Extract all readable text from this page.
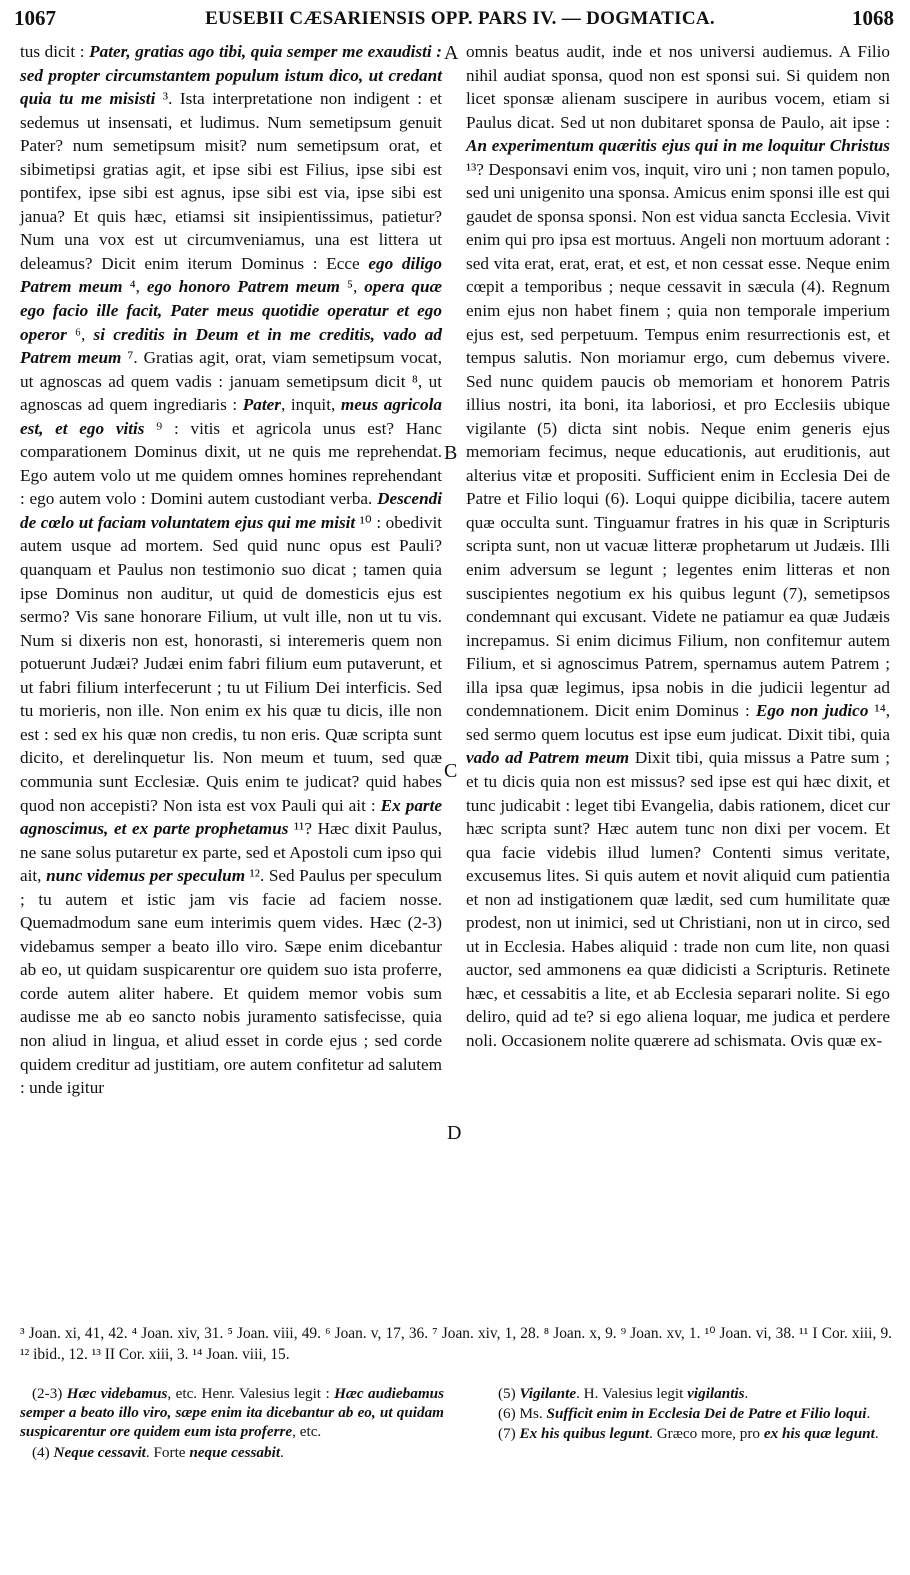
1067	EUSEBII CÆSARIENSIS OPP. PARS IV. — DOGMATICA.	1068

tus dicit : Pater, gratias ago tibi, quia semper me exaudisti : sed propter circumstantem populum istum dico, ut credant quia tu me misisti ³. Ista interpretatione non indigent : et sedemus ut insensati, et ludimus. Num semetipsum genuit Pater? num semetipsum misit? num semetipsum orat, et sibimetipsi gratias agit, et ipse sibi est Filius, ipse sibi est pontifex, ipse sibi est agnus, ipse sibi est via, ipse sibi est janua? Et quis hæc, etiamsi sit insipientissimus, patietur? Num una vox est ut circumveniamus, una est littera ut deleamus? Dicit enim iterum Dominus : Ecce ego diligo Patrem meum ⁴, ego honoro Patrem meum ⁵, opera quæ ego facio ille facit, Pater meus quotidie operatur et ego operor ⁶, si creditis in Deum et in me creditis, vado ad Patrem meum ⁷. Gratias agit, orat, viam semetipsum vocat, ut agnoscas ad quem vadis : januam semetipsum dicit ⁸, ut agnoscas ad quem ingrediaris : Pater, inquit, meus agricola est, et ego vitis ⁹ : vitis et agricola unus est? Hanc comparationem Dominus dixit, ut ne quis me reprehendat. Ego autem volo ut me quidem omnes homines reprehendant : ego autem volo : Domini autem custodiant verba. Descendi de cœlo ut faciam voluntatem ejus qui me misit ¹⁰ : obedivit autem usque ad mortem. Sed quid nunc opus est Pauli? quanquam et Paulus non testimonio suo dicat ; tamen quia ipse Dominus non auditur, ut quid de domesticis ejus est sermo? Vis sane honorare Filium, ut vult ille, non ut tu vis. Num si dixeris non est, honorasti, si interemeris quem non potuerunt Judæi? Judæi enim fabri filium eum putaverunt, et ut fabri filium interfecerunt ; tu ut Filium Dei interficis. Sed tu morieris, non ille. Non enim ex his quæ tu dicis, ille non est : sed ex his quæ non credis, tu non eris. Quæ scripta sunt dicito, et derelinquetur lis. Non meum et tuum, sed quæ communia sunt Ecclesiæ. Quis enim te judicat? quid habes quod non accepisti? Non ista est vox Pauli qui ait : Ex parte agnoscimus, et ex parte prophetamus ¹¹? Hæc dixit Paulus, ne sane solus putaretur ex parte, sed et Apostoli cum ipso qui ait, nunc videmus per speculum ¹². Sed Paulus per speculum ; tu autem et istic jam vis facie ad faciem nosse. Quemadmodum sane eum interimis quem vides. Hæc (2-3) videbamus semper a beato illo viro. Sæpe enim dicebantur ab eo, ut quidam suspicarentur ore quidem suo ista proferre, corde autem aliter habere. Et quidem memor vobis sum audisse me ab eo sancto nobis juramento satisfecisse, quia non aliud in lingua, et aliud esset in corde ejus ; sed corde quidem creditur ad justitiam, ore autem confitetur ad salutem : unde igitur

omnis beatus audit, inde et nos universi audiemus. A Filio nihil audiat sponsa, quod non est sponsi sui. Si quidem non licet sponsæ alienam suscipere in auribus vocem, etiam si Paulus dicat. Sed ut non dubitaret sponsa de Paulo, ait ipse : An experimentum quæritis ejus qui in me loquitur Christus ¹³? Desponsavi enim vos, inquit, viro uni ; non tamen populo, sed uni unigenito una sponsa. Amicus enim sponsi ille est qui gaudet de sponsa sponsi. Non est vidua sancta Ecclesia. Vivit enim qui pro ipsa est mortuus. Angeli non mortuum adorant : sed vita erat, erat, erat, et est, et non cessat esse. Neque enim cœpit a temporibus ; neque cessavit in sæcula (4). Regnum enim ejus non habet finem ; quia non temporale imperium ejus est, sed perpetuum. Tempus enim resurrectionis est, et tempus salutis. Non moriamur ergo, cum debemus vivere. Sed nunc quidem paucis ob memoriam et honorem Patris illius nostri, ita boni, ita laboriosi, et pro Ecclesiis ubique vigilante (5) dicta sint nobis. Neque enim generis ejus memoriam fecimus, neque educationis, aut eruditionis, aut alterius vitæ et propositi. Sufficient enim in Ecclesia Dei de Patre et Filio loqui (6). Loqui quippe dicibilia, tacere autem quæ occulta sunt. Tinguamur fratres in his quæ in Scripturis scripta sunt, non ut vacuæ litteræ prophetarum ut Judæis. Illi enim adversum se legunt ; legentes enim litteras et non suscipientes negotium ex his quibus legunt (7), semetipsos condemnant qui excusant. Videte ne patiamur ea quæ Judæis increpamus. Si enim dicimus Filium, non confitemur autem Filium, et si agnoscimus Patrem, spernamus autem Patrem ; illa ipsa quæ legimus, ipsa nobis in die judicii legentur ad condemnationem. Dicit enim Dominus : Ego non judico ¹⁴, sed sermo quem locutus est ipse eum judicat. Dixit tibi, quia vado ad Patrem meum Dixit tibi, quia missus a Patre sum ; et tu dicis quia non est missus? sed ipse est qui hæc dixit, et tunc judicabit : leget tibi Evangelia, dabis rationem, dicet cur hæc scripta sunt? Hæc autem tunc non dixi per vocem. Et qua facie videbis illud lumen? Contenti simus veritate, excusemus lites. Si quis autem et novit aliquid cum patientia et non ad instigationem quæ lædit, sed cum humilitate quæ prodest, non ut inimici, sed ut Christiani, non ut in circo, sed ut in Ecclesia. Habes aliquid : trade non cum lite, non quasi auctor, sed ammonens ea quæ didicisti a Scripturis. Retinete hæc, et cessabitis a lite, et ab Ecclesia separari nolite. Si ego deliro, quid ad te? si ego aliena loquar, me judica et perdere noli. Occasionem nolite quærere ad schismata. Ovis quæ ex-

A
B
C
D

³ Joan. xi, 41, 42. ⁴ Joan. xiv, 31. ⁵ Joan. viii, 49. ⁶ Joan. v, 17, 36. ⁷ Joan. xiv, 1, 28. ⁸ Joan. x, 9. ⁹ Joan. xv, 1. ¹⁰ Joan. vi, 38. ¹¹ I Cor. xiii, 9. ¹² ibid., 12. ¹³ II Cor. xiii, 3. ¹⁴ Joan. viii, 15.

(2-3) Hæc videbamus, etc. Henr. Valesius legit : Hæc audiebamus semper a beato illo viro, sæpe enim ita dicebantur ab eo, ut quidam suspicarentur ore quidem eum ista proferre, etc.

(4) Neque cessavit. Forte neque cessabit.

(5) Vigilante. H. Valesius legit vigilantis.

(6) Ms. Sufficit enim in Ecclesia Dei de Patre et Filio loqui.

(7) Ex his quibus legunt. Græco more, pro ex his quæ legunt.
